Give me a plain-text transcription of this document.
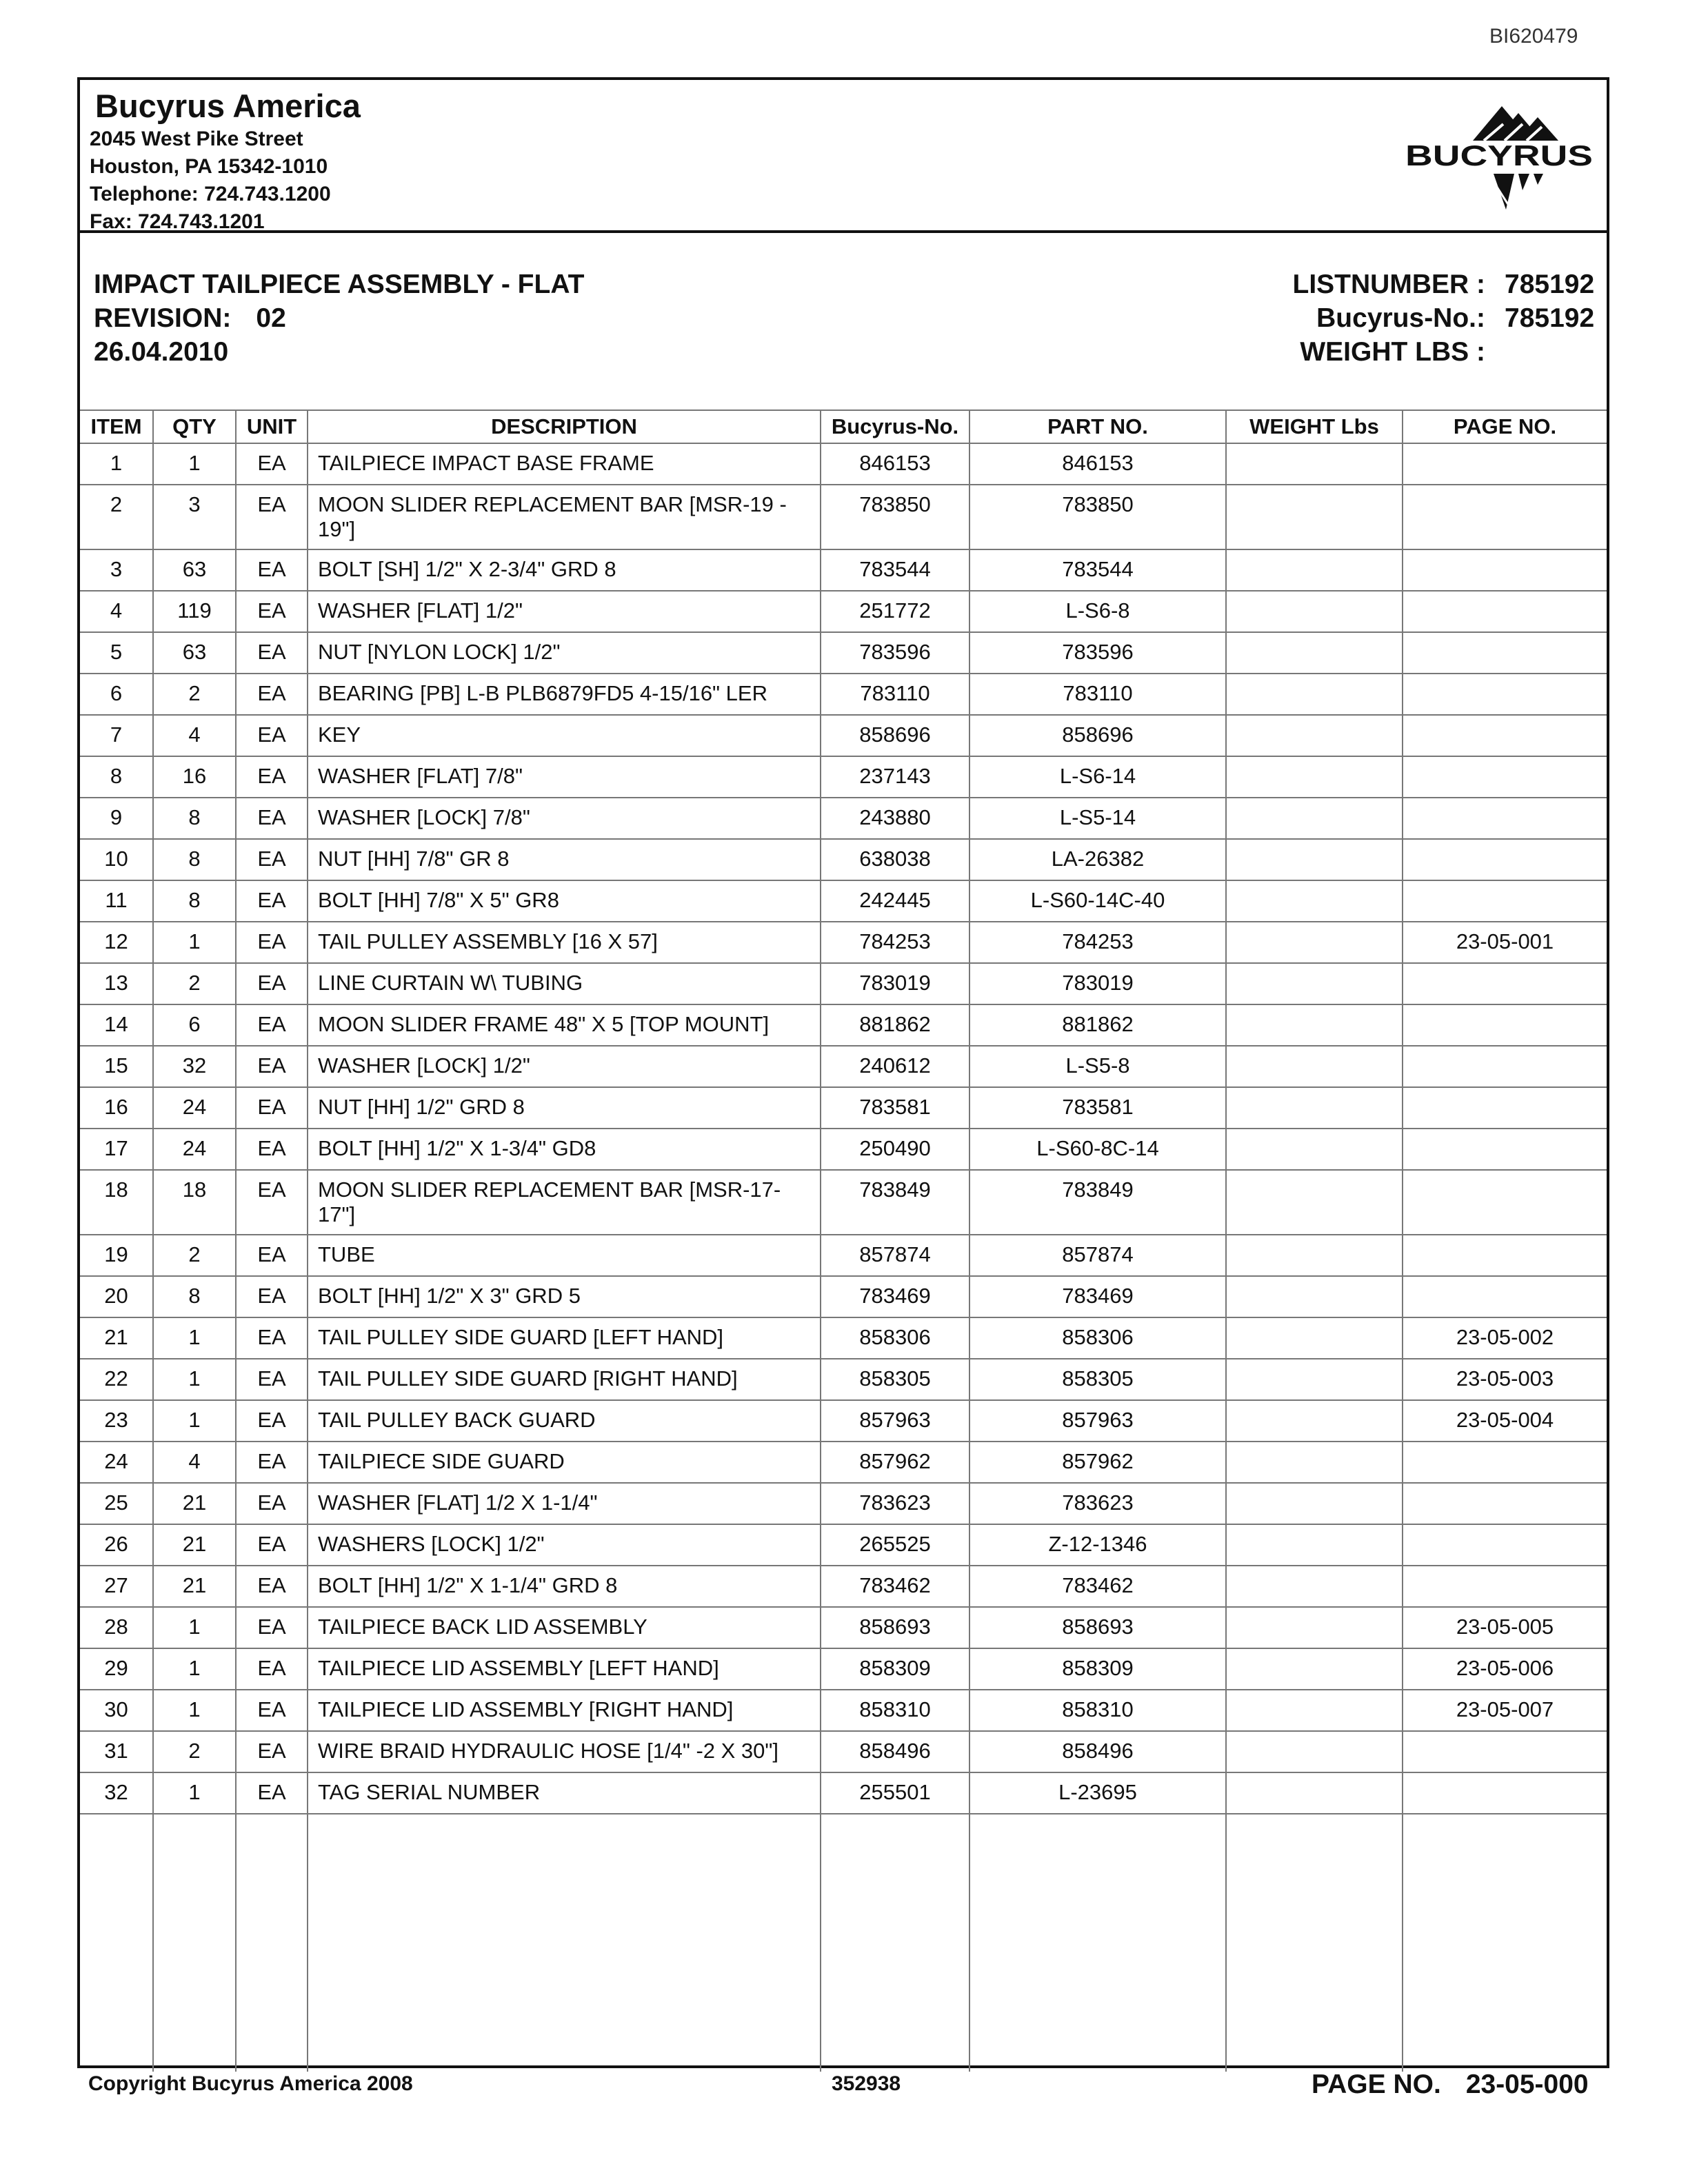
BI620479
Bucyrus America
2045 West Pike Street
Houston, PA 15342-1010
Telephone: 724.743.1200
Fax: 724.743.1201
BUCYRUS
IMPACT TAILPIECE ASSEMBLY - FLAT
REVISION: 02
26.04.2010
LISTNUMBER :
Bucyrus-No.:
WEIGHT LBS :
785192
785192
ITEM	QTY	UNIT	DESCRIPTION	Bucyrus-No.	PART NO.	WEIGHT Lbs	PAGE NO.
1	1	EA	TAILPIECE IMPACT BASE FRAME	846153	846153		
2	3	EA	MOON SLIDER REPLACEMENT BAR [MSR-19 - 19"]	783850	783850		
3	63	EA	BOLT [SH] 1/2" X 2-3/4" GRD 8	783544	783544		
4	119	EA	WASHER [FLAT] 1/2"	251772	L-S6-8		
5	63	EA	NUT [NYLON LOCK] 1/2"	783596	783596		
6	2	EA	BEARING [PB] L-B PLB6879FD5 4-15/16" LER	783110	783110		
7	4	EA	KEY	858696	858696		
8	16	EA	WASHER [FLAT] 7/8"	237143	L-S6-14		
9	8	EA	WASHER [LOCK] 7/8"	243880	L-S5-14		
10	8	EA	NUT [HH] 7/8" GR 8	638038	LA-26382		
11	8	EA	BOLT [HH] 7/8" X 5" GR8	242445	L-S60-14C-40		
12	1	EA	TAIL PULLEY ASSEMBLY [16 X 57]	784253	784253		23-05-001
13	2	EA	LINE CURTAIN W\ TUBING	783019	783019		
14	6	EA	MOON SLIDER FRAME 48" X 5 [TOP MOUNT]	881862	881862		
15	32	EA	WASHER [LOCK] 1/2"	240612	L-S5-8		
16	24	EA	NUT [HH] 1/2" GRD 8	783581	783581		
17	24	EA	BOLT [HH] 1/2" X 1-3/4" GD8	250490	L-S60-8C-14		
18	18	EA	MOON SLIDER REPLACEMENT BAR [MSR-17-17"]	783849	783849		
19	2	EA	TUBE	857874	857874		
20	8	EA	BOLT [HH] 1/2" X 3" GRD 5	783469	783469		
21	1	EA	TAIL PULLEY SIDE GUARD [LEFT HAND]	858306	858306		23-05-002
22	1	EA	TAIL PULLEY SIDE GUARD [RIGHT HAND]	858305	858305		23-05-003
23	1	EA	TAIL PULLEY BACK GUARD	857963	857963		23-05-004
24	4	EA	TAILPIECE SIDE GUARD	857962	857962		
25	21	EA	WASHER [FLAT] 1/2 X 1-1/4"	783623	783623		
26	21	EA	WASHERS [LOCK] 1/2"	265525	Z-12-1346		
27	21	EA	BOLT [HH] 1/2" X 1-1/4" GRD 8	783462	783462		
28	1	EA	TAILPIECE BACK LID ASSEMBLY	858693	858693		23-05-005
29	1	EA	TAILPIECE LID ASSEMBLY [LEFT HAND]	858309	858309		23-05-006
30	1	EA	TAILPIECE LID ASSEMBLY [RIGHT HAND]	858310	858310		23-05-007
31	2	EA	WIRE BRAID HYDRAULIC HOSE [1/4" -2 X 30"]	858496	858496		
32	1	EA	TAG SERIAL NUMBER	255501	L-23695		

Copyright Bucyrus America 2008	352938	PAGE NO. 23-05-000
